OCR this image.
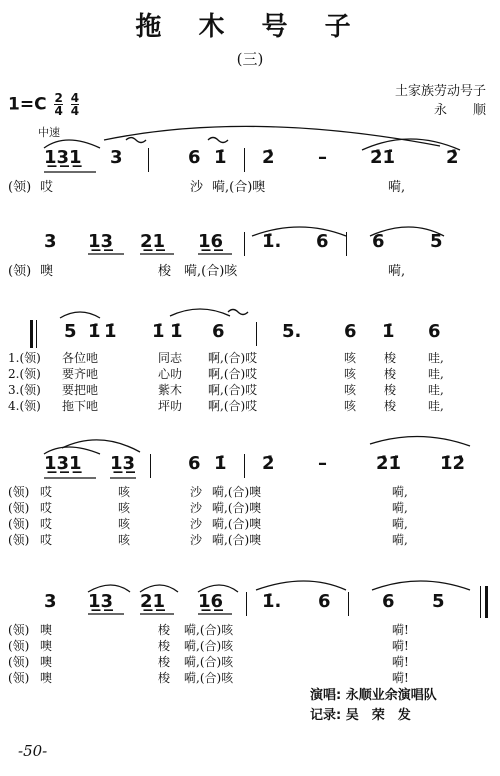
拖 木 号 子
(三)
$1=C \frac{2}{4}$
$\frac{4}{4}$
土家族劳动号子
永　　顺
中速
1̲3̲1̲ 3	6 1̇ 2̇ – 2̇1̇	2̇
(领) 哎	沙 嗬,(合)噢	嗬,
3 1̲3̲ 2̲1̲ 1̲6̲ 1̇. 6 6	5
(领) 噢	梭 嗬,(合)咳	嗬,
5 1̇ 1̇ 1̇ 1̇ 6	5. 6 1̇ 6
1.(领) 各位吔	同志 啊,(合)哎	咳 梭	哇,
2.(领) 要齐吔	心叻 啊,(合)哎	咳 梭	哇,
3.(领) 要把吔	紫木 啊,(合)哎	咳 梭	哇,
4.(领) 拖下吔	坪叻 啊,(合)哎	咳 梭	哇,
1̲3̲1̲ 1̲3̲	6 1̇ 2̇ –	2̇1̇ 1̇2̇
(领) 哎	咳	沙 嗬,(合)噢	嗬,
(领) 哎	咳	沙 嗬,(合)噢	嗬,
(领) 哎	咳	沙 嗬,(合)噢	嗬,
(领) 哎	咳	沙 嗬,(合)噢	嗬,
3 1̲3̲ 2̲1̲ 1̲6̲ 1̇. 6	6 5
(领) 噢	梭 嗬,(合)咳	嗬!
(领) 噢	梭 嗬,(合)咳	嗬!
(领) 噢	梭 嗬,(合)咳	嗬!
(领) 噢	梭 嗬,(合)咳	嗬!
演唱: 永顺业余演唱队
记录: 吴　荣　发
-50-
